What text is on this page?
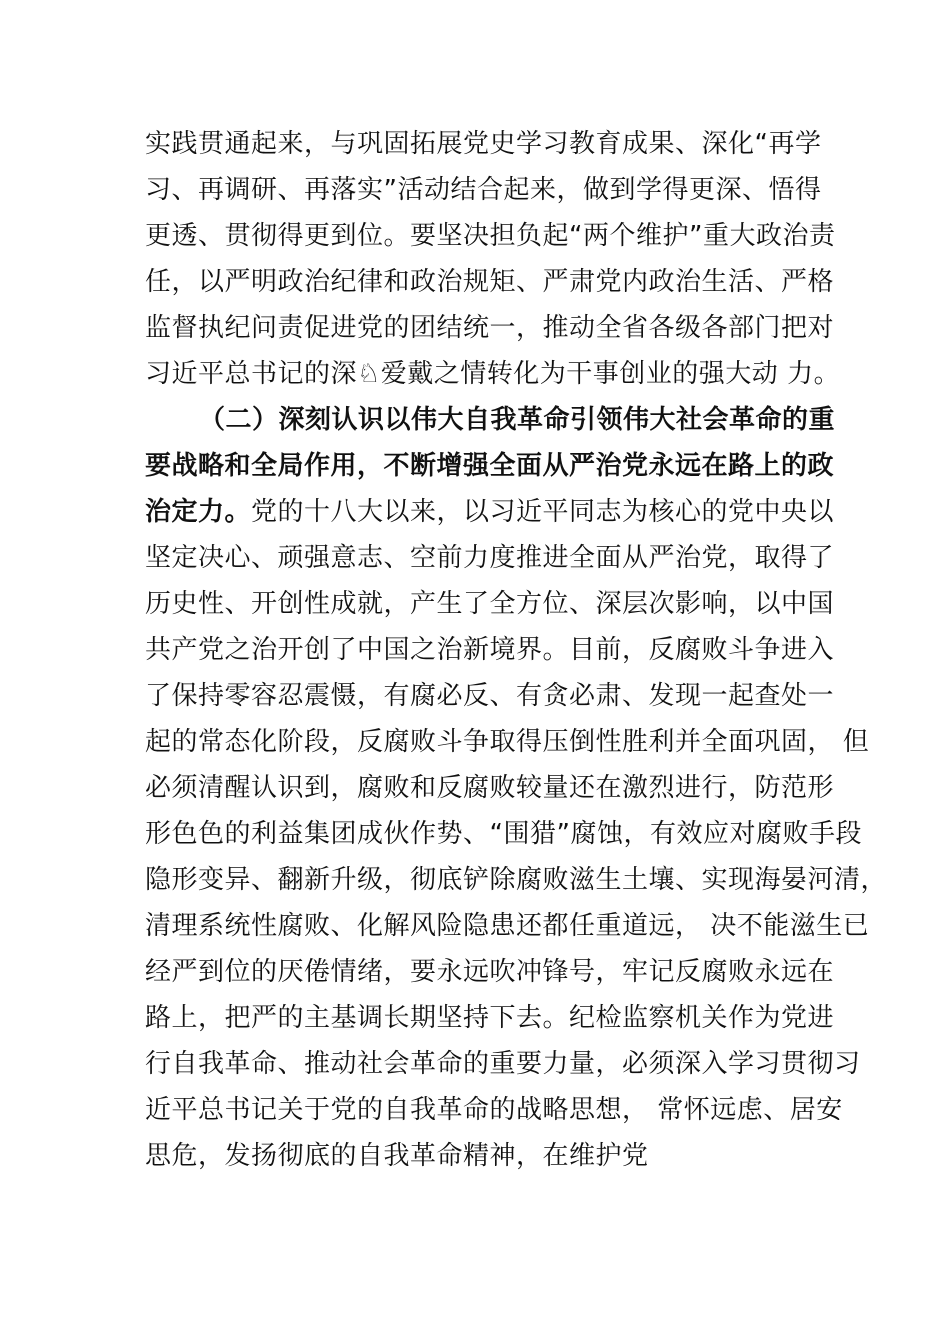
实践贯通起来，与巩固拓展党史学习教育成果、深化“再学
习、再调研、再落实”活动结合起来，做到学得更深、悟得
更透、贯彻得更到位。要坚决担负起“两个维护”重大政治责
任，以严明政治纪律和政治规矩、严肃党内政治生活、严格
监督执纪问责促进党的团结统一，推动全省各级各部门把对
习近平总书记的深♘爱戴之情转化为干事创业的强大动 力。
（二）深刻认识以伟大自我革命引领伟大社会革命的重
要战略和全局作用，不断增强全面从严治党永远在路上的政
治定力。党的十八大以来，以习近平同志为核心的党中央以
坚定决心、顽强意志、空前力度推进全面从严治党，取得了
历史性、开创性成就，产生了全方位、深层次影响，以中国
共产党之治开创了中国之治新境界。目前，反腐败斗争进入
了保持零容忍震慑，有腐必反、有贪必肃、发现一起查处一
起的常态化阶段，反腐败斗争取得压倒性胜利并全面巩固， 但
必须清醒认识到，腐败和反腐败较量还在激烈进行，防范形
形色色的利益集团成伙作势、“围猎”腐蚀，有效应对腐败手段
隐形变异、翻新升级，彻底铲除腐败滋生土壤、实现海晏河清，
清理系统性腐败、化解风险隐患还都任重道远， 决不能滋生已
经严到位的厌倦情绪，要永远吹冲锋号，牢记反腐败永远在
路上，把严的主基调长期坚持下去。纪检监察机关作为党进
行自我革命、推动社会革命的重要力量，必须深入学习贯彻习
近平总书记关于党的自我革命的战略思想， 常怀远虑、居安
思危，发扬彻底的自我革命精神，在维护党
